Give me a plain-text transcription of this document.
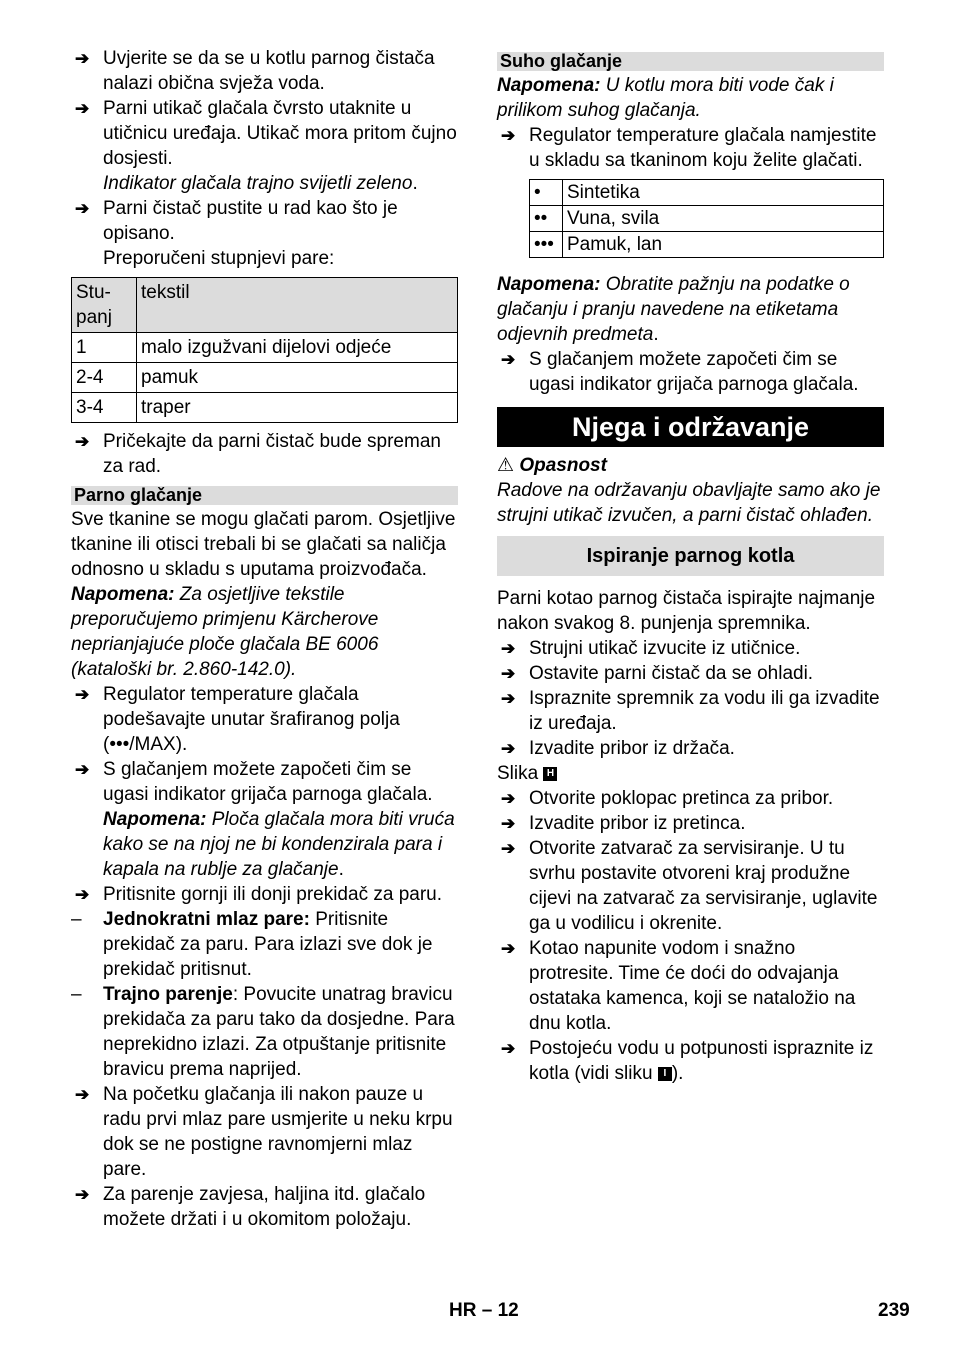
➔ Uvjerite se da se u kotlu parnog čistača nalazi obična svježa voda.

➔ Parni utikač glačala čvrsto utaknite u utičnicu uređaja. Utikač mora pritom čujno dosjesti.

Indikator glačala trajno svijetli zeleno.

➔ Parni čistač pustite u rad kao što je opisano.

Preporučeni stupnjevi pare:

Stu-panj	tekstil
1	malo izgužvani dijelovi odjeće
2-4	pamuk
3-4	traper

➔ Pričekajte da parni čistač bude spreman za rad.

Parno glačanje

Sve tkanine se mogu glačati parom. Osjetljive tkanine ili otisci trebali bi se glačati sa naličja odnosno u skladu s uputama proizvođača.

Napomena: Za osjetljive tekstile preporučujemo primjenu Kärcherove neprianjajuće ploče glačala BE 6006 (kataloški br. 2.860-142.0).

➔ Regulator temperature glačala podešavajte unutar šrafiranog polja (•••/MAX).

➔ S glačanjem možete započeti čim se ugasi indikator grijača parnoga glačala.

Napomena: Ploča glačala mora biti vruća kako se na njoj ne bi kondenzirala para i kapala na rublje za glačanje.

➔ Pritisnite gornji ili donji prekidač za paru.

– Jednokratni mlaz pare: Pritisnite prekidač za paru. Para izlazi sve dok je prekidač pritisnut.

– Trajno parenje: Povucite unatrag bravicu prekidača za paru tako da dosjedne. Para neprekidno izlazi. Za otpuštanje pritisnite bravicu prema naprijed.

➔ Na početku glačanja ili nakon pauze u radu prvi mlaz pare usmjerite u neku krpu dok se ne postigne ravnomjerni mlaz pare.

➔ Za parenje zavjesa, haljina itd. glačalo možete držati i u okomitom položaju.

Suho glačanje

Napomena: U kotlu mora biti vode čak i prilikom suhog glačanja.

➔ Regulator temperature glačala namjestite u skladu sa tkaninom koju želite glačati.

•	Sintetika
••	Vuna, svila
•••	Pamuk, lan

Napomena: Obratite pažnju na podatke o glačanju i pranju navedene na etiketama odjevnih predmeta.

➔ S glačanjem možete započeti čim se ugasi indikator grijača parnoga glačala.

Njega i održavanje

⚠ Opasnost

Radove na održavanju obavljajte samo ako je strujni utikač izvučen, a parni čistač ohlađen.

Ispiranje parnog kotla

Parni kotao parnog čistača ispirajte najmanje nakon svakog 8. punjenja spremnika.

➔ Strujni utikač izvucite iz utičnice.

➔ Ostavite parni čistač da se ohladi.

➔ Ispraznite spremnik za vodu ili ga izvadite iz uređaja.

➔ Izvadite pribor iz držača.

Slika H

➔ Otvorite poklopac pretinca za pribor.

➔ Izvadite pribor iz pretinca.

➔ Otvorite zatvarač za servisiranje. U tu svrhu postavite otvoreni kraj produžne cijevi na zatvarač za servisiranje, uglavite ga u vodilicu i okrenite.

➔ Kotao napunite vodom i snažno protresite. Time će doći do odvajanja ostataka kamenca, koji se nataložio na dnu kotla.

➔ Postojeću vodu u potpunosti ispraznite iz kotla (vidi sliku I ).

HR – 12	239
